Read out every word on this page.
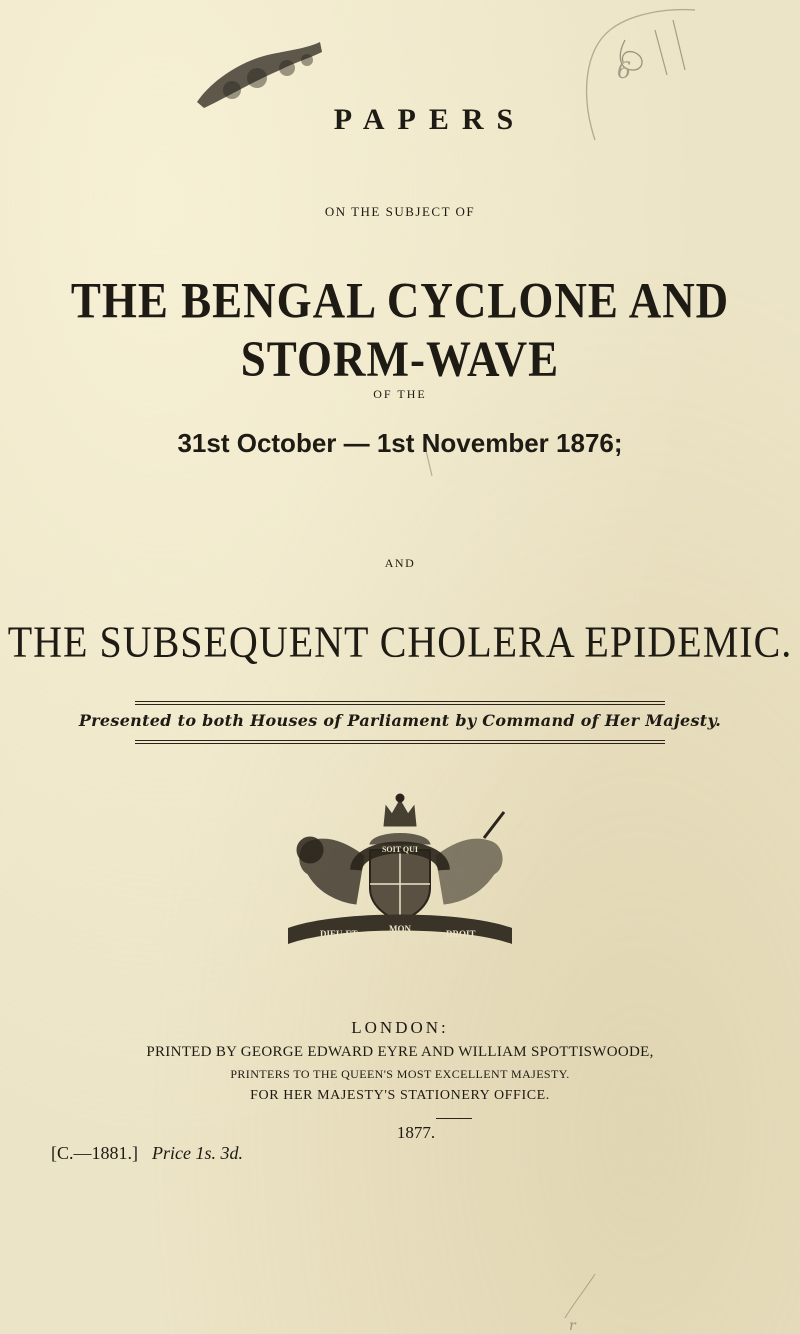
6
PAPERS
ON THE SUBJECT OF
THE BENGAL CYCLONE AND STORM-WAVE
OF THE
31st October — 1st November 1876;
AND
THE SUBSEQUENT CHOLERA EPIDEMIC.
Presented to both Houses of Parliament by Command of Her Majesty.
SOIT QUI
DIEU·ET	MON	DROIT
LONDON:
PRINTED BY GEORGE EDWARD EYRE AND WILLIAM SPOTTISWOODE,
PRINTERS TO THE QUEEN'S MOST EXCELLENT MAJESTY.
FOR HER MAJESTY'S STATIONERY OFFICE.
1877.
[C.—1881.] Price 1s. 3d.
r
